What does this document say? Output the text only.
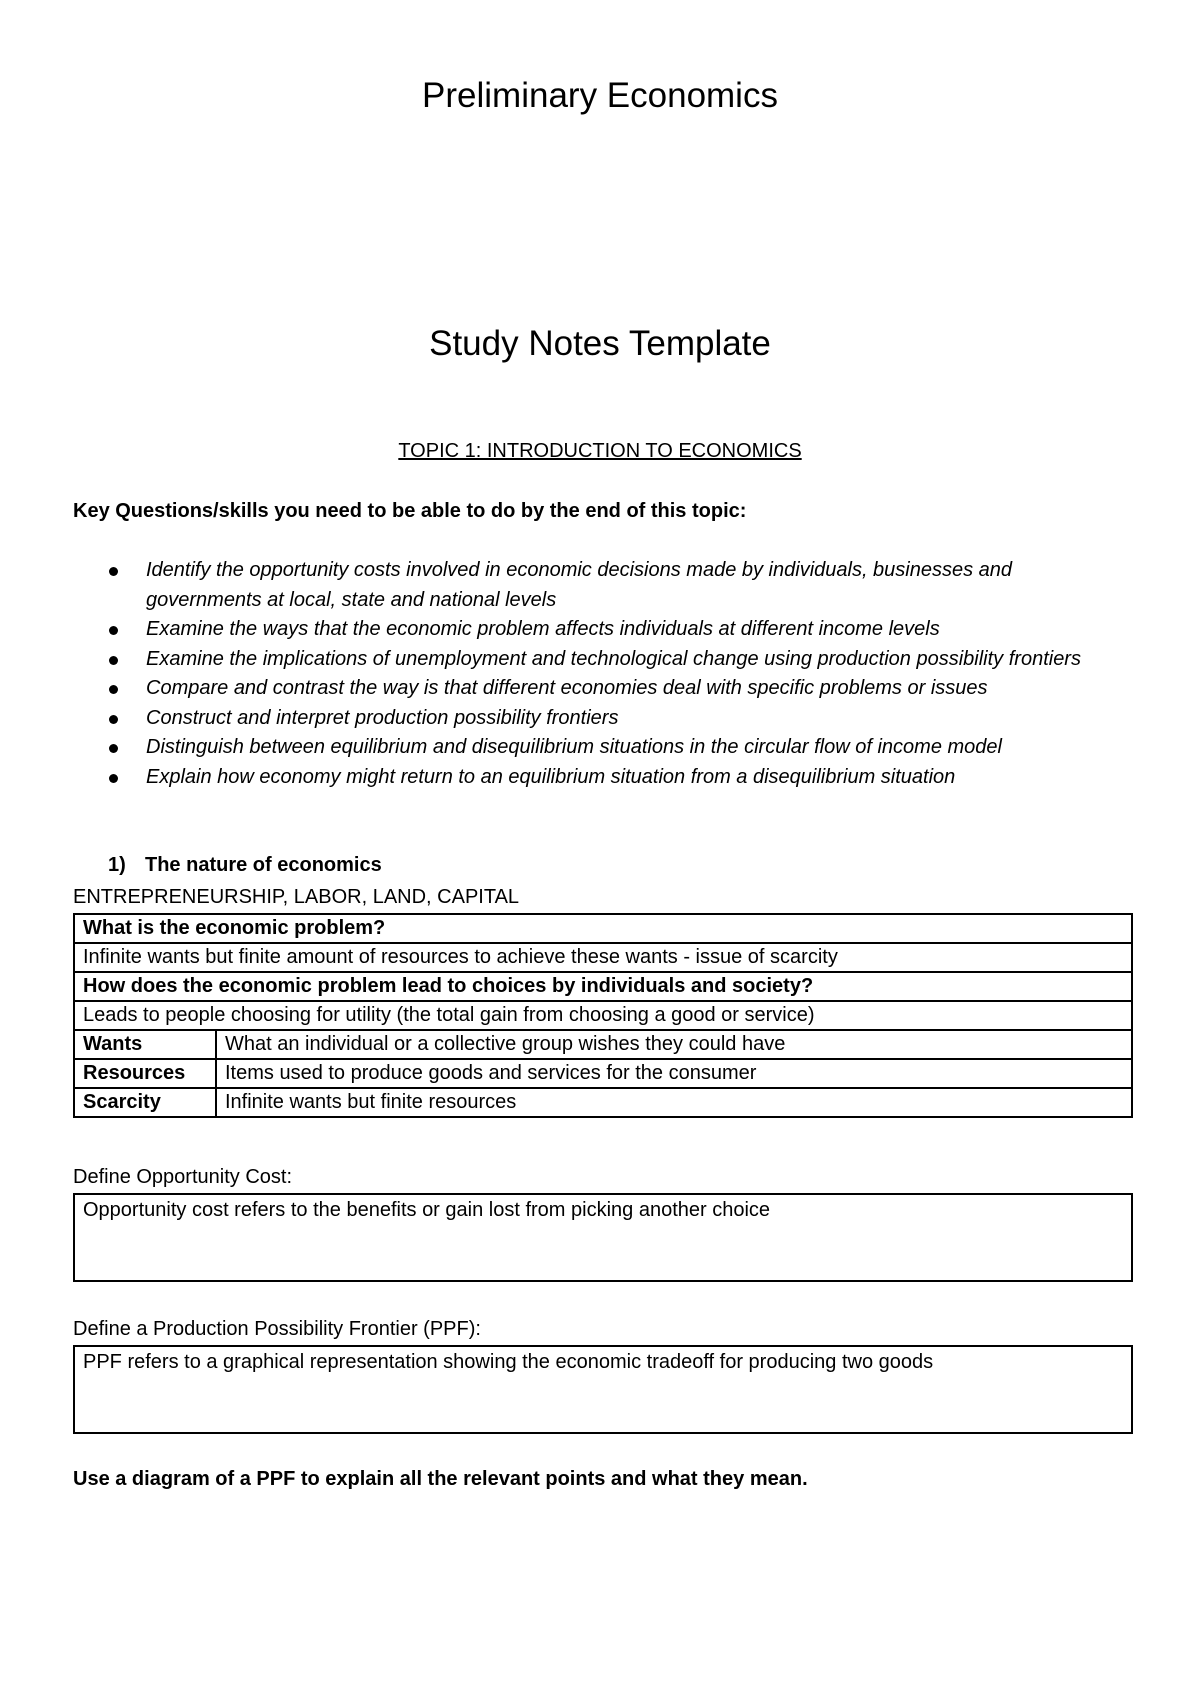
Preliminary Economics
Study Notes Template
TOPIC 1: INTRODUCTION TO ECONOMICS
Key Questions/skills you need to be able to do by the end of this topic:
Identify the opportunity costs involved in economic decisions made by individuals, businesses and governments at local, state and national levels
Examine the ways that the economic problem affects individuals at different income levels
Examine the implications of unemployment and technological change using production possibility frontiers
Compare and contrast the way is that different economies deal with specific problems or issues
Construct and interpret production possibility frontiers
Distinguish between equilibrium and disequilibrium situations in the circular flow of income model
Explain how economy might return to an equilibrium situation from a disequilibrium situation
1) The nature of economics
ENTREPRENEURSHIP, LABOR, LAND, CAPITAL
What is the economic problem?	
Infinite wants but finite amount of resources to achieve these wants - issue of scarcity	
How does the economic problem lead to choices by individuals and society?	
Leads to people choosing for utility (the total gain from choosing a good or service)	
Wants	What an individual or a collective group wishes they could have
Resources	Items used to produce goods and services for the consumer
Scarcity	Infinite wants but finite resources
Define Opportunity Cost:
Opportunity cost refers to the benefits or gain lost from picking another choice
Define a Production Possibility Frontier (PPF):
PPF refers to a graphical representation showing the economic tradeoff for producing two goods
Use a diagram of a PPF to explain all the relevant points and what they mean.
